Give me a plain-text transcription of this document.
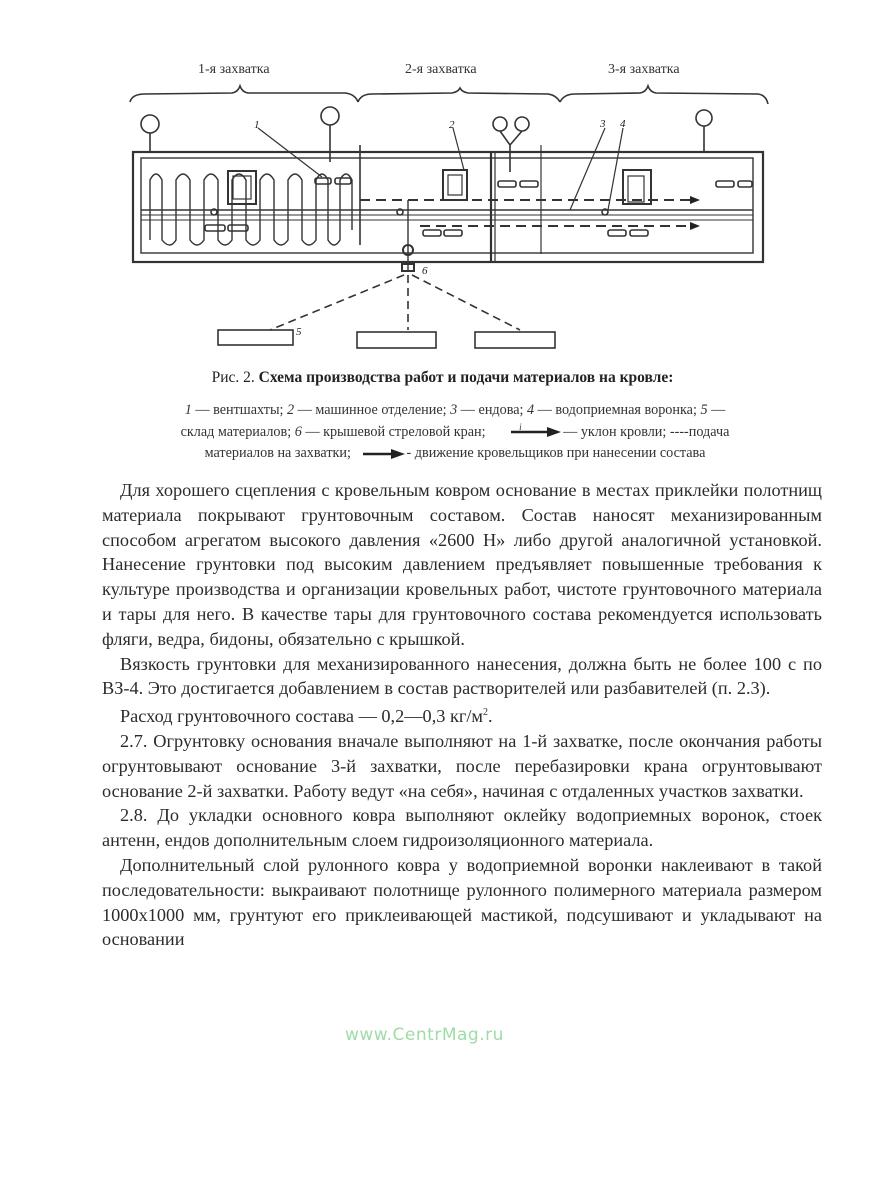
1-я захватка	2-я захватка	3-я захватка
1	2	3 4
5
6
Рис. 2. Схема производства работ и подачи материалов на кровле:
1 — вентшахты; 2 — машинное отделение; 3 — ендова; 4 — водоприемная воронка; 5 —
склад материалов; 6 — крышевой стреловой кран;	i	— уклон кровли; ----подача
материалов на захватки;	- движение кровельщиков при нанесении состава

Для хорошего сцепления с кровельным ковром основание в местах приклейки полотнищ материала покрывают грунтовочным составом. Состав наносят механизированным способом агрегатом высокого давления «2600 Н» либо другой аналогичной установкой. Нанесение грунтовки под высоким давлением предъявляет повышенные требования к культуре производства и организации кровельных работ, чистоте грунтовочного материала и тары для него. В качестве тары для грунтовочного состава рекомендуется использовать фляги, ведра, бидоны, обязательно с крышкой.

Вязкость грунтовки для механизированного нанесения, должна быть не более 100 с по ВЗ-4. Это достигается добавлением в состав растворителей или разбавителей (п. 2.3).

Расход грунтовочного состава — 0,2—0,3 $кг/м^2$.

2.7. Огрунтовку основания вначале выполняют на 1-й захватке, после окончания работы огрунтовывают основание 3-й захватки, после перебазировки крана огрунтовывают основание 2-й захватки. Работу ведут «на себя», начиная с отдаленных участков захватки.

2.8. До укладки основного ковра выполняют оклейку водоприемных воронок, стоек антенн, ендов дополнительным слоем гидроизоляционного материала.

Дополнительный слой рулонного ковра у водоприемной воронки наклеивают в такой последовательности: выкраивают полотнище рулонного полимерного материала размером 1000х1000 мм, грунтуют его приклеивающей мастикой, подсушивают и укладывают на основании

www.CentrMag.ru
